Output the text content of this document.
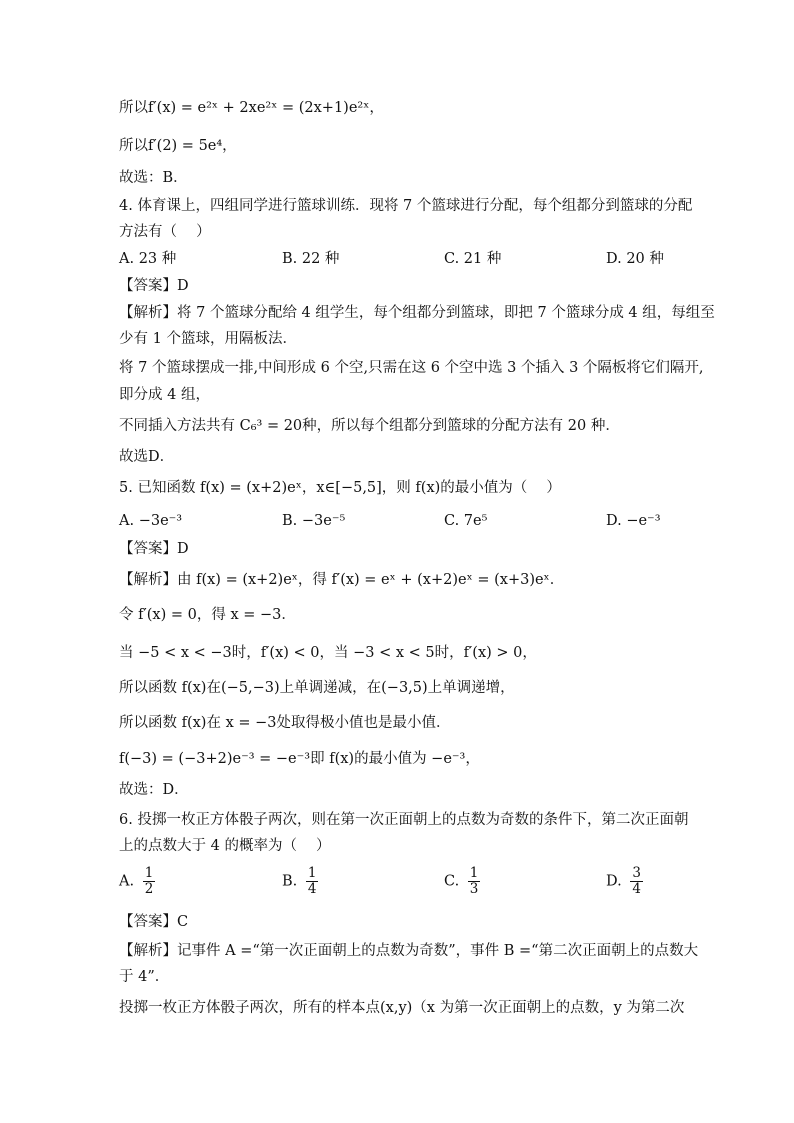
所以f′(x) = e²ˣ + 2xe²ˣ = (2x+1)e²ˣ，
所以f′(2) = 5e⁴，
故选：B．
4. 体育课上，四组同学进行篮球训练．现将 7 个篮球进行分配，每个组都分到篮球的分配
方法有（　 ）
A. 23 种	B. 22 种	C. 21 种	D. 20 种
【答案】D
【解析】将 7 个篮球分配给 4 组学生，每个组都分到篮球，即把 7 个篮球分成 4 组，每组至
少有 1 个篮球，用隔板法．
将 7 个篮球摆成一排,中间形成 6 个空,只需在这 6 个空中选 3 个插入 3 个隔板将它们隔开,
即分成 4 组，
不同插入方法共有 C₆³ = 20种，所以每个组都分到篮球的分配方法有 20 种．
故选D．
5. 已知函数 f(x) = (x+2)eˣ，x∈[−5,5]，则 f(x)的最小值为（　 ）
A. −3e⁻³	B. −3e⁻⁵	C. 7e⁵	D. −e⁻³
【答案】D
【解析】由 f(x) = (x+2)eˣ，得 f′(x) = eˣ + (x+2)eˣ = (x+3)eˣ．
令 f′(x) = 0，得 x = −3．
当 −5 < x < −3时，f′(x) < 0，当 −3 < x < 5时，f′(x) > 0，
所以函数 f(x)在(−5,−3)上单调递减，在(−3,5)上单调递增，
所以函数 f(x)在 x = −3处取得极小值也是最小值．
f(−3) = (−3+2)e⁻³ = −e⁻³即 f(x)的最小值为 −e⁻³，
故选：D．
6. 投掷一枚正方体骰子两次，则在第一次正面朝上的点数为奇数的条件下，第二次正面朝
上的点数大于 4 的概率为（　 ）
A. $\frac{1}{2}$	B. $\frac{1}{4}$	C. $\frac{1}{3}$	D. $\frac{3}{4}$
【答案】C
【解析】记事件 A =“第一次正面朝上的点数为奇数”，事件 B =“第二次正面朝上的点数大
于 4”．
投掷一枚正方体骰子两次，所有的样本点(x,y)（x 为第一次正面朝上的点数，y 为第二次
